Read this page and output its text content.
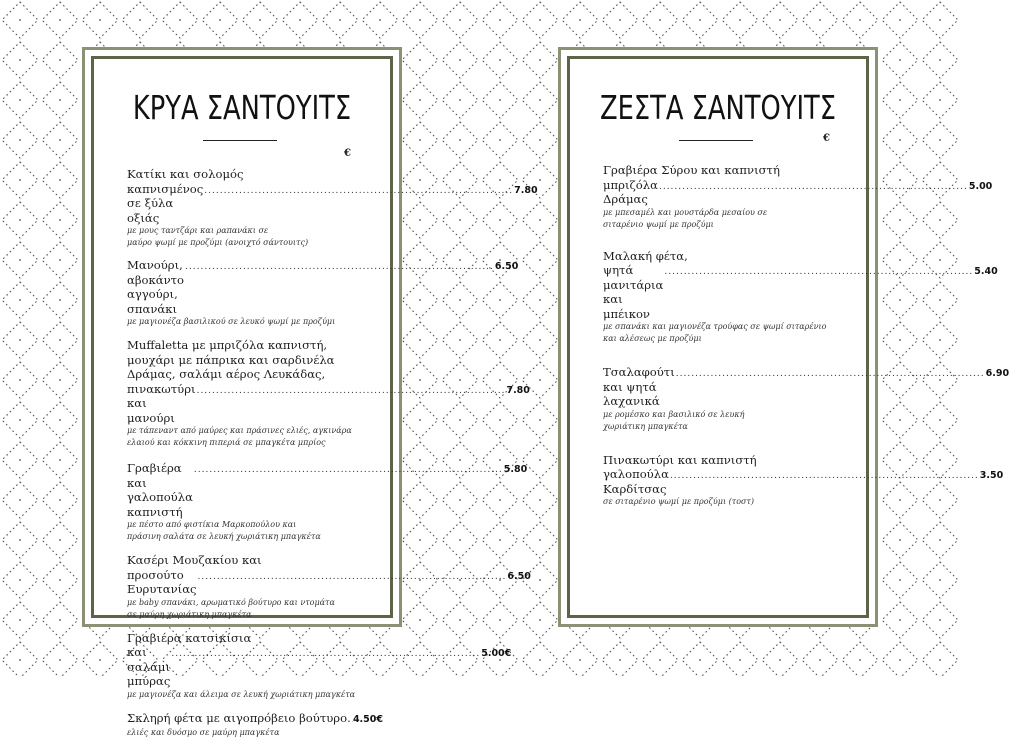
ΚΡΥΑ ΣΑΝΤΟΥΙΤΣ
€
Κατίκι και σολομός
καπνισμένος σε ξύλα οξιάς
................................................................................ 7.80
με μους ταντζάρι και ραπανάκι σε
μαύρο ψωμί με προζύμι (ανοιχτό σάντουιτς)
Μανούρι, αβοκάντο αγγούρι, σπανάκι
................................................................................ 6.50
με μαγιονέζα βασιλικού σε λευκό ψωμί με προζύμι
Muffaletta με μπριζόλα καπνιστή,
μουχάρι με πάπρικα και σαρδινέλα
Δράμας, σαλάμι αέρος Λευκάδας,
πινακωτύρι και μανούρι
................................................................................ 7.80
με τάπεναντ από μαύρες και πράσινες ελιές, αγκινάρα
ελαιού και κόκκινη πιπεριά σε μπαγκέτα μπρίος
Γραβιέρα και γαλοπούλα καπνιστή
................................................................................ 5.80
με πέστο από φιστίκια Μαρκοπούλου και
πράσινη σαλάτα σε λευκή χωριάτικη μπαγκέτα
Κασέρι Μουζακίου και
προσούτο Ευρυτανίας
................................................................................ 6.50
με baby σπανάκι, αρωματικό βούτυρο και ντομάτα
σε μαύρη χωριάτικη μπαγκέτα
Γραβιέρα κατσικίσια
και σαλάμι μπύρας
................................................................................ 5.00€
με μαγιονέζα και άλειμα σε λευκή χωριάτικη μπαγκέτα
Σκληρή φέτα με αιγοπρόβειο βούτυρο. 4.50€
ελιές και δυόσμο σε μαύρη μπαγκέτα
ΖΕΣΤΑ ΣΑΝΤΟΥΙΤΣ
€
Γραβιέρα Σύρου και καπνιστή
μπριζόλα Δράμας
................................................................................ 5.00
με μπεσαμέλ και μουστάρδα μεσαίου σε
σιταρένιο ψωμί με προζύμι
Μαλακή φέτα,
ψητά μανιτάρια και μπέικον
................................................................................ 5.40
με σπανάκι και μαγιονέζα τρούφας σε ψωμί σιταρένιο
και αλέσεως με προζύμι
Τσαλαφούτι και ψητά λαχανικά
................................................................................ 6.90
με ρομέσκο και βασιλικό σε λευκή
χωριάτικη μπαγκέτα
Πινακωτύρι και καπνιστή
γαλοπούλα Καρδίτσας
................................................................................ 3.50
σε σιταρένιο ψωμί με προζύμι (τοστ)
